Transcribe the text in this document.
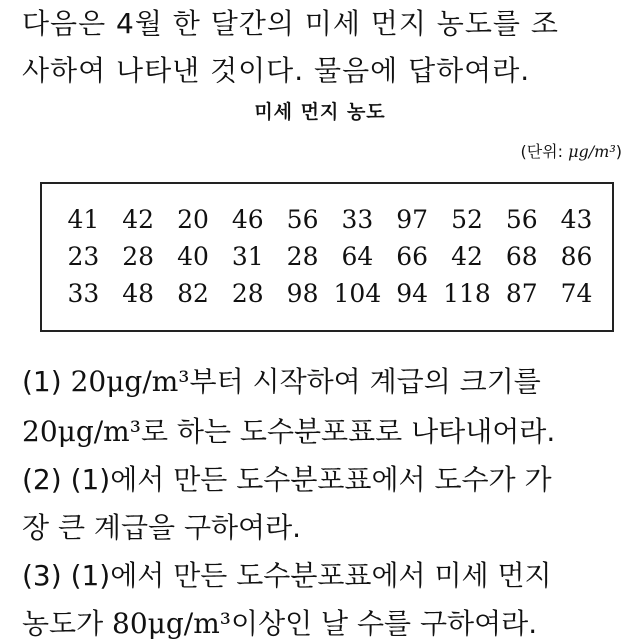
다음은 4월 한 달간의 미세 먼지 농도를 조
사하여 나타낸 것이다. 물음에 답하여라.
미세 먼지 농도
(단위: μg/m³)
41 42 20 46 56 33 97 52 56 43
23 28 40 31 28 64 66 42 68 86
33 48 82 28 98 104 94 118 87 74
(1) 20μg/m³부터 시작하여 계급의 크기를
20μg/m³로 하는 도수분포표로 나타내어라.
(2) (1)에서 만든 도수분포표에서 도수가 가
장 큰 계급을 구하여라.
(3) (1)에서 만든 도수분포표에서 미세 먼지
농도가 80μg/m³이상인 날 수를 구하여라.
